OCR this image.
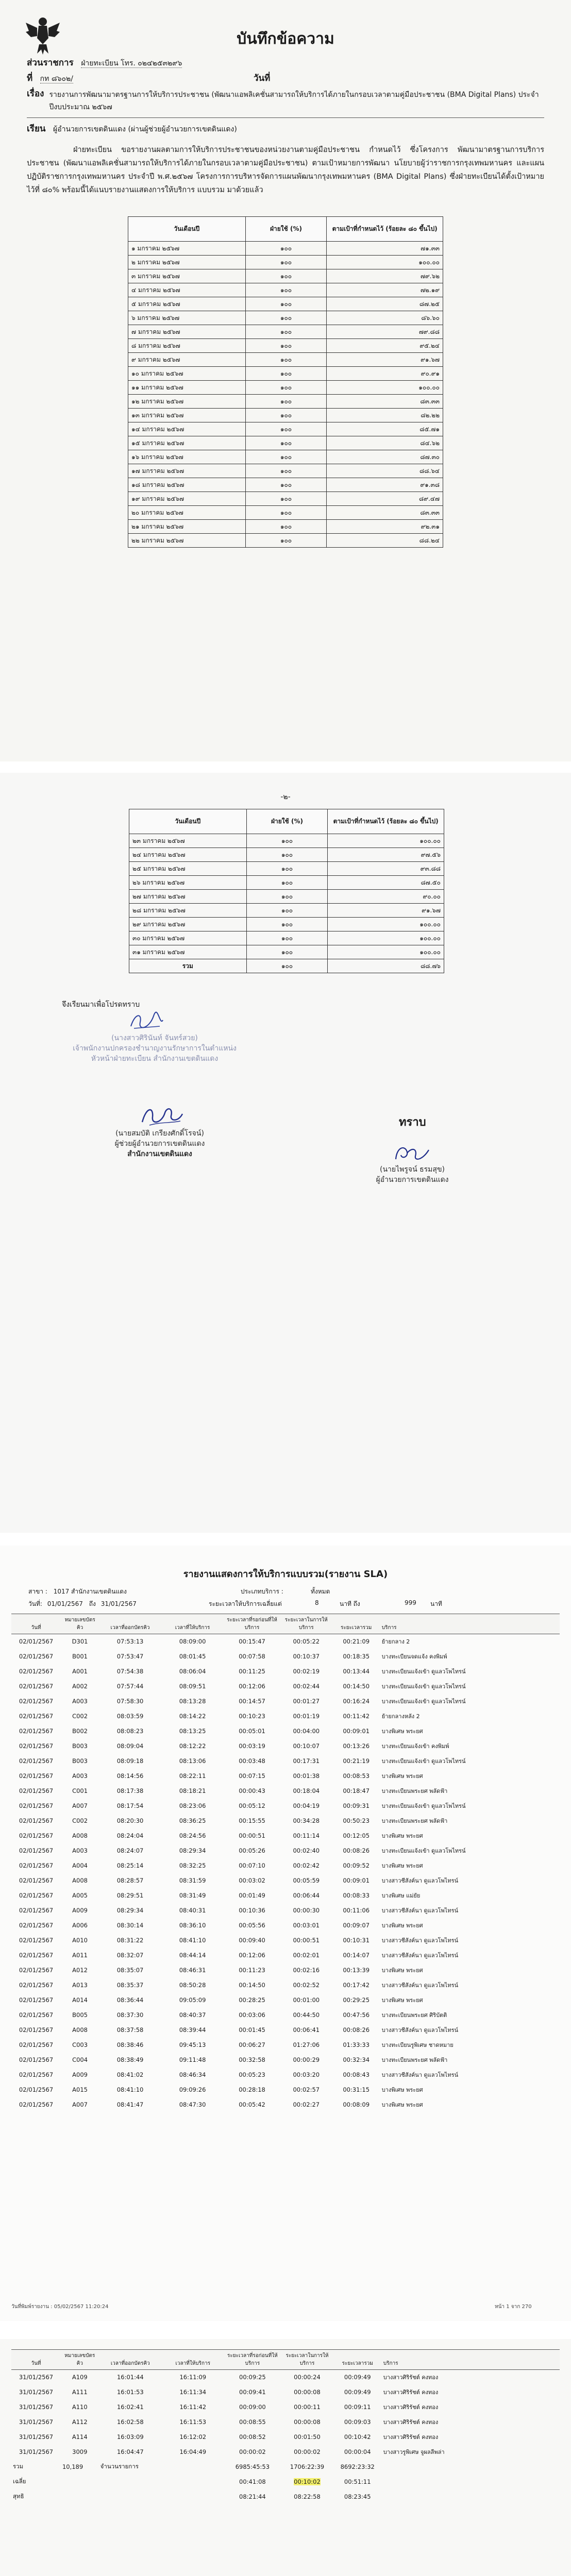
บันทึกข้อความ
ส่วนราชการ ฝ่ายทะเบียน โทร. ๐๒๔๒๕๓๒๙๖
ที่ กท ๘๖๐๒/	วันที่
เรื่อง รายงานการพัฒนามาตรฐานการให้บริการประชาชน (พัฒนาแอพลิเคชั่นสามารถให้บริการได้ภายในกรอบเวลาตามคู่มือประชาชน (BMA Digital Plans) ประจำปีงบประมาณ ๒๕๖๗
เรียน ผู้อำนวยการเขตดินแดง (ผ่านผู้ช่วยผู้อำนวยการเขตดินแดง)

ฝ่ายทะเบียน ขอรายงานผลตามการให้บริการประชาชนของหน่วยงานตามคู่มือประชาชน กำหนดไว้ ซึ่งโครงการ พัฒนามาตรฐานการบริการประชาชน (พัฒนาแอพลิเคชั่นสามารถให้บริการได้ภายในกรอบเวลาตามคู่มือประชาชน) ตามเป้าหมายการพัฒนา นโยบายผู้ว่าราชการกรุงเทพมหานคร และแผนปฏิบัติราชการกรุงเทพมหานคร ประจำปี พ.ศ.๒๕๖๗ โครงการการบริหารจัดการแผนพัฒนากรุงเทพมหานคร (BMA Digital Plans) ซึ่งฝ่ายทะเบียนได้ตั้งเป้าหมายไว้ที่ ๘๐% พร้อมนี้ได้แนบรายงานแสดงการให้บริการ แบบรวม มาด้วยแล้ว

วันเดือนปี	ฝ่ายใช้ (%)	ตามเป้าที่กำหนดไว้ (ร้อยละ ๘๐ ขึ้นไป)
๑ มกราคม ๒๕๖๗	๑๐๐	๗๑.๓๓
๒ มกราคม ๒๕๖๗	๑๐๐	๑๐๐.๐๐
๓ มกราคม ๒๕๖๗	๑๐๐	๗๙.๖๒
๔ มกราคม ๒๕๖๗	๑๐๐	๗๒.๑๙
๕ มกราคม ๒๕๖๗	๑๐๐	๘๗.๒๕
๖ มกราคม ๒๕๖๗	๑๐๐	๘๖.๖๐
๗ มกราคม ๒๕๖๗	๑๐๐	๗๙.๘๘
๘ มกราคม ๒๕๖๗	๑๐๐	๙๕.๒๔
๙ มกราคม ๒๕๖๗	๑๐๐	๙๑.๖๗
๑๐ มกราคม ๒๕๖๗	๑๐๐	๙๐.๙๑
๑๑ มกราคม ๒๕๖๗	๑๐๐	๑๐๐.๐๐
๑๒ มกราคม ๒๕๖๗	๑๐๐	๘๓.๓๓
๑๓ มกราคม ๒๕๖๗	๑๐๐	๘๒.๒๒
๑๔ มกราคม ๒๕๖๗	๑๐๐	๘๕.๗๑
๑๕ มกราคม ๒๕๖๗	๑๐๐	๘๔.๖๒
๑๖ มกราคม ๒๕๖๗	๑๐๐	๘๗.๓๐
๑๗ มกราคม ๒๕๖๗	๑๐๐	๘๘.๖๔
๑๘ มกราคม ๒๕๖๗	๑๐๐	๙๑.๓๘
๑๙ มกราคม ๒๕๖๗	๑๐๐	๘๙.๔๗
๒๐ มกราคม ๒๕๖๗	๑๐๐	๘๓.๓๓
๒๑ มกราคม ๒๕๖๗	๑๐๐	๙๒.๓๑
๒๒ มกราคม ๒๕๖๗	๑๐๐	๘๘.๒๔
-๒-
วันเดือนปี	ฝ่ายใช้ (%)	ตามเป้าที่กำหนดไว้ (ร้อยละ ๘๐ ขึ้นไป)
๒๓ มกราคม ๒๕๖๗	๑๐๐	๑๐๐.๐๐
๒๔ มกราคม ๒๕๖๗	๑๐๐	๙๗.๕๖
๒๕ มกราคม ๒๕๖๗	๑๐๐	๙๓.๘๘
๒๖ มกราคม ๒๕๖๗	๑๐๐	๘๗.๕๐
๒๗ มกราคม ๒๕๖๗	๑๐๐	๙๐.๐๐
๒๘ มกราคม ๒๕๖๗	๑๐๐	๙๑.๖๗
๒๙ มกราคม ๒๕๖๗	๑๐๐	๑๐๐.๐๐
๓๐ มกราคม ๒๕๖๗	๑๐๐	๑๐๐.๐๐
๓๑ มกราคม ๒๕๖๗	๑๐๐	๑๐๐.๐๐
รวม	๑๐๐	๘๘.๗๖
จึงเรียนมาเพื่อโปรดทราบ
(นางสาวศิรินันท์ จันทร์สวย)
เจ้าพนักงานปกครองชำนาญงานรักษาการในตำแหน่ง
หัวหน้าฝ่ายทะเบียน สำนักงานเขตดินแดง
(นายสมบัติ เกรียงศักดิ์โรจน์)
ผู้ช่วยผู้อำนวยการเขตดินแดง
สำนักงานเขตดินแดง
ทราบ
(นายไพรูจน์ ธรมสุข)
ผู้อำนวยการเขตดินแดง
รายงานแสดงการให้บริการแบบรวม(รายงาน SLA)
สาขา : 1017 สำนักงานเขตดินแดง	ประเภทบริการ :	ทั้งหมด
วันที่: 01/01/2567 ถึง 31/01/2567	ระยะเวลาให้บริการเฉลี่ยแต่	8	นาที ถึง	999 นาที
วันที่	หมายเลขบัตรคิว	เวลาที่ออกบัตรคิว	เวลาที่ให้บริการ	ระยะเวลาที่รอก่อนที่ให้บริการ	ระยะเวลาในการให้บริการ	ระยะเวลารวม	บริการ
02/01/2567	D301	07:53:13	08:09:00	00:15:47	00:05:22	00:21:09	ย้ายกลาง 2
02/01/2567	B001	07:53:47	08:01:45	00:07:58	00:10:37	00:18:35	บางทะเบียนจดแจ้ง คงพิมพ์
02/01/2567	A001	07:54:38	08:06:04	00:11:25	00:02:19	00:13:44	บางทะเบียนแจ้งเข้า ดูแลวโพไทรน์
02/01/2567	A002	07:57:44	08:09:51	00:12:06	00:02:44	00:14:50	บางทะเบียนแจ้งเข้า ดูแลวโพไทรน์
02/01/2567	A003	07:58:30	08:13:28	00:14:57	00:01:27	00:16:24	บางทะเบียนแจ้งเข้า ดูแลวโพไทรน์
02/01/2567	C002	08:03:59	08:14:22	00:10:23	00:01:19	00:11:42	ย้ายกลางหลัง 2
02/01/2567	B002	08:08:23	08:13:25	00:05:01	00:04:00	00:09:01	บางพิเศษ พระยศ
02/01/2567	B003	08:09:04	08:12:22	00:03:19	00:10:07	00:13:26	บางทะเบียนแจ้งเข้า คงพิมพ์
02/01/2567	B003	08:09:18	08:13:06	00:03:48	00:17:31	00:21:19	บางทะเบียนแจ้งเข้า ดูแลวโพไทรน์
02/01/2567	A003	08:14:56	08:22:11	00:07:15	00:01:38	00:08:53	บางพิเศษ พระยศ
02/01/2567	C001	08:17:38	08:18:21	00:00:43	00:18:04	00:18:47	บางทะเบียนพระยศ พลัดฟ้า
02/01/2567	A007	08:17:54	08:23:06	00:05:12	00:04:19	00:09:31	บางทะเบียนแจ้งเข้า ดูแลวโพไทรน์
02/01/2567	C002	08:20:30	08:36:25	00:15:55	00:34:28	00:50:23	บางทะเบียนพระยศ พลัดฟ้า
02/01/2567	A008	08:24:04	08:24:56	00:00:51	00:11:14	00:12:05	บางพิเศษ พระยศ
02/01/2567	A003	08:24:07	08:29:34	00:05:26	00:02:40	00:08:26	บางทะเบียนแจ้งเข้า ดูแลวโพไทรน์
02/01/2567	A004	08:25:14	08:32:25	00:07:10	00:02:42	00:09:52	บางพิเศษ พระยศ
02/01/2567	A008	08:28:57	08:31:59	00:03:02	00:05:59	00:09:01	บางสาวชีสังค์นา ดูแลวโพไทรน์
02/01/2567	A005	08:29:51	08:31:49	00:01:49	00:06:44	00:08:33	บางพิเศษ แม่ยัย
02/01/2567	A009	08:29:34	08:40:31	00:10:36	00:00:30	00:11:06	บางสาวชีสังค์นา ดูแลวโพไทรน์
02/01/2567	A006	08:30:14	08:36:10	00:05:56	00:03:01	00:09:07	บางพิเศษ พระยศ
02/01/2567	A010	08:31:22	08:41:10	00:09:40	00:00:51	00:10:31	บางสาวชีสังค์นา ดูแลวโพไทรน์
02/01/2567	A011	08:32:07	08:44:14	00:12:06	00:02:01	00:14:07	บางสาวชีสังค์นา ดูแลวโพไทรน์
02/01/2567	A012	08:35:07	08:46:31	00:11:23	00:02:16	00:13:39	บางพิเศษ พระยศ
02/01/2567	A013	08:35:37	08:50:28	00:14:50	00:02:52	00:17:42	บางสาวชีสังค์นา ดูแลวโพไทรน์
02/01/2567	A014	08:36:44	09:05:09	00:28:25	00:01:00	00:29:25	บางพิเศษ พระยศ
02/01/2567	B005	08:37:30	08:40:37	00:03:06	00:44:50	00:47:56	บางทะเบียนพระยศ ศิริบัตติ
02/01/2567	A008	08:37:58	08:39:44	00:01:45	00:06:41	00:08:26	บางสาวชีสังค์นา ดูแลวโพไทรน์
02/01/2567	C003	08:38:46	09:45:13	00:06:27	01:27:06	01:33:33	บางทะเบียนรูพิเศษ ชาดหมาย
02/01/2567	C004	08:38:49	09:11:48	00:32:58	00:00:29	00:32:34	บางทะเบียนพระยศ พลัดฟ้า
02/01/2567	A009	08:41:02	08:46:34	00:05:23	00:03:20	00:08:43	บางสาวชีสังค์นา ดูแลวโพไทรน์
02/01/2567	A015	08:41:10	09:09:26	00:28:18	00:02:57	00:31:15	บางพิเศษ พระยศ
02/01/2567	A007	08:41:47	08:47:30	00:05:42	00:02:27	00:08:09	บางพิเศษ พระยศ
วันที่พิมพ์รายงาน : 05/02/2567 11:20:24	หน้า 1 จาก 270
วันที่	หมายเลขบัตรคิว	เวลาที่ออกบัตรคิว	เวลาที่ให้บริการ	ระยะเวลาที่รอก่อนที่ให้บริการ	ระยะเวลาในการให้บริการ	ระยะเวลารวม	บริการ
31/01/2567	A109	16:01:44	16:11:09	00:09:25	00:00:24	00:09:49	บางสาวศิริรัชต์ คงทอง
31/01/2567	A111	16:01:53	16:11:34	00:09:41	00:00:08	00:09:49	บางสาวศิริรัชต์ คงทอง
31/01/2567	A110	16:02:41	16:11:42	00:09:00	00:00:11	00:09:11	บางสาวศิริรัชต์ คงทอง
31/01/2567	A112	16:02:58	16:11:53	00:08:55	00:00:08	00:09:03	บางสาวศิริรัชต์ คงทอง
31/01/2567	A114	16:03:09	16:12:02	00:08:52	00:01:50	00:10:42	บางสาวศิริรัชต์ คงทอง
31/01/2567	3009	16:04:47	16:04:49	00:00:02	00:00:02	00:00:04	บางสาวรูพิเศษ จูผลลีพล่า
รวม	10,189	จำนวนรายการ		6985:45:53	1706:22:39	8692:23:32	
เฉลี่ย				00:41:08	00:10:02	00:51:11	
สุทธิ				08:21:44	08:22:58	08:23:45	
